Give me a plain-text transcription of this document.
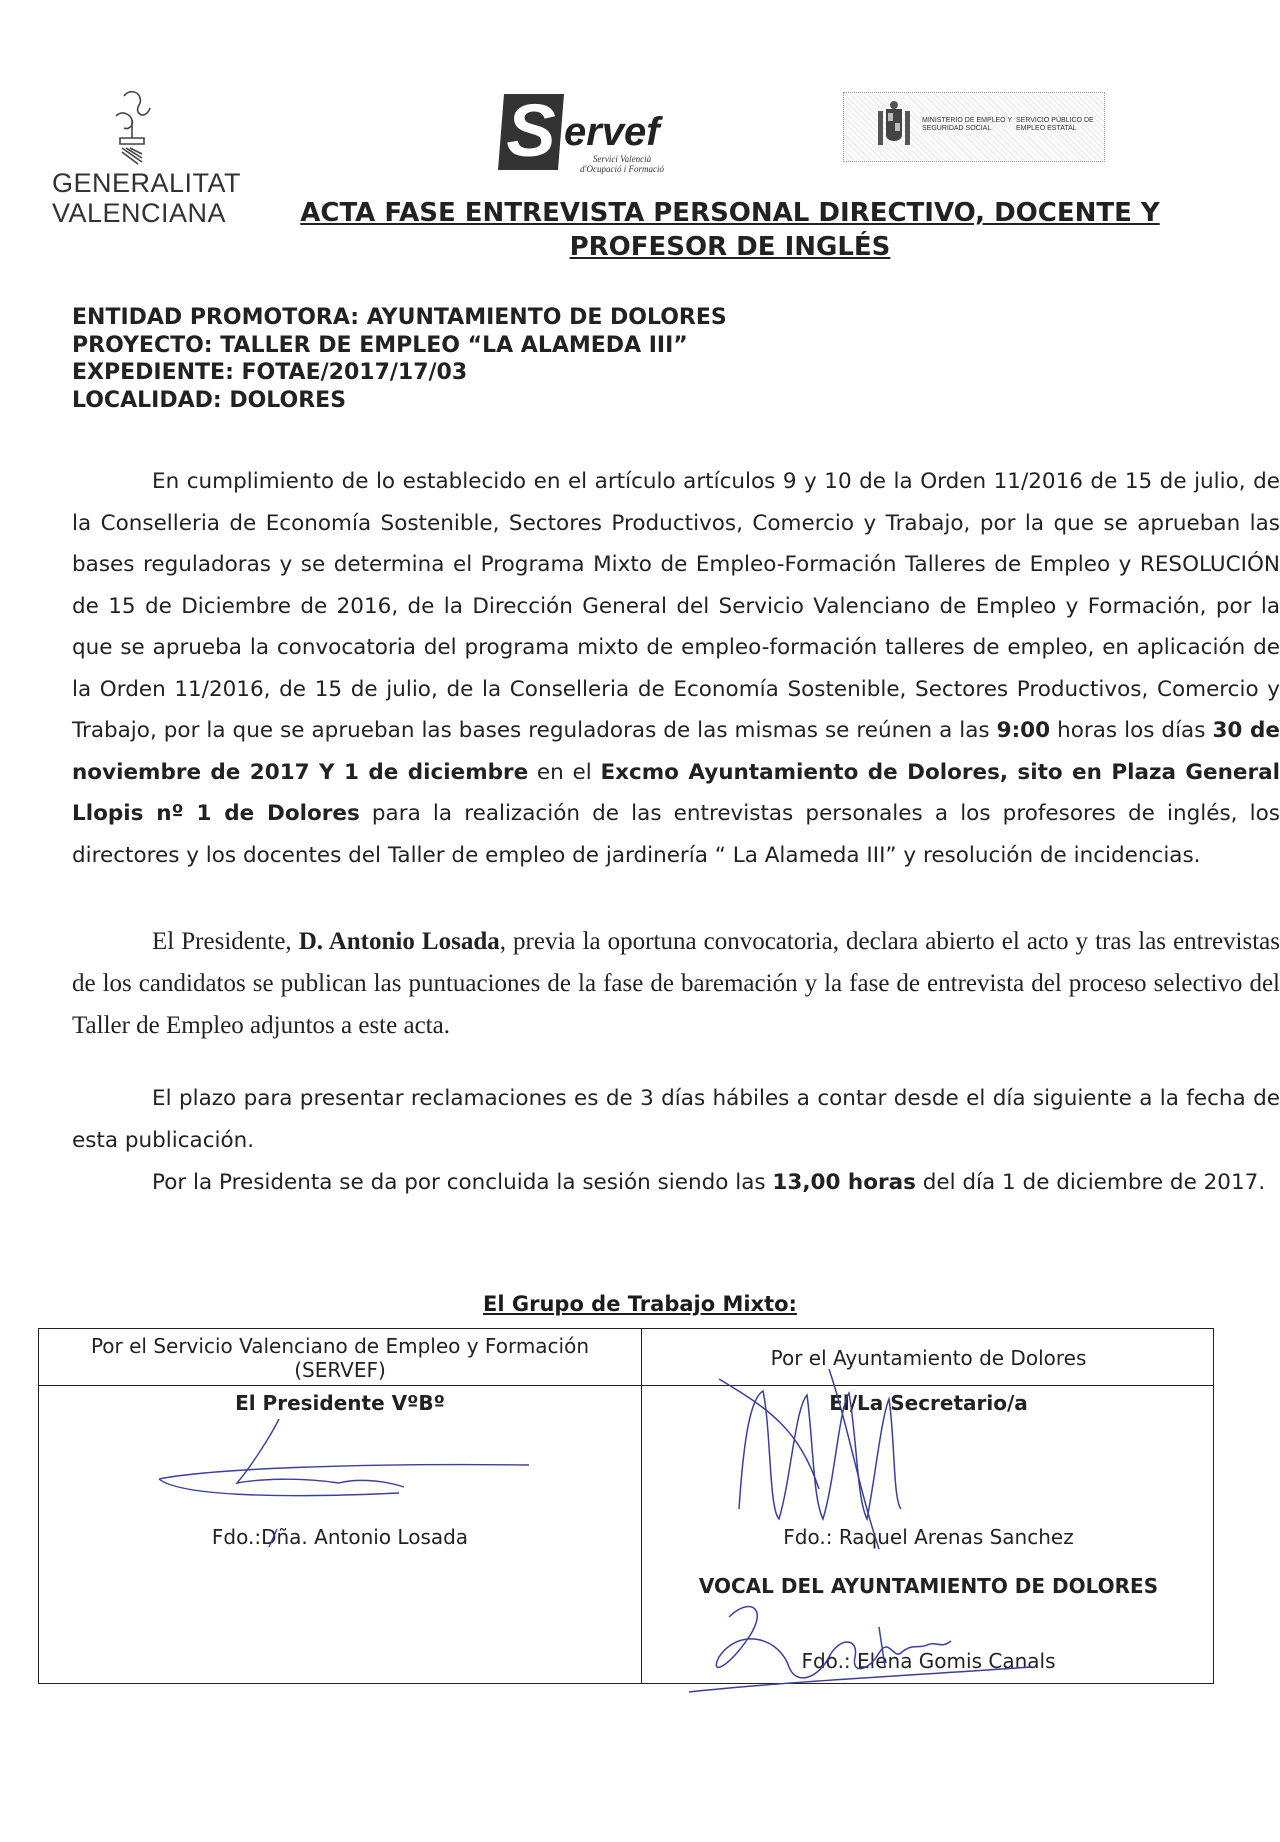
GENERALITAT
VALENCIANA
S ervef
Servici Valencià
d'Ocupació i Formació
MINISTERIO DE EMPLEO Y SEGURIDAD SOCIAL
SERVICIO PÚBLICO DE EMPLEO ESTATAL
ACTA FASE ENTREVISTA PERSONAL DIRECTIVO, DOCENTE Y
PROFESOR DE INGLÉS
ENTIDAD PROMOTORA: AYUNTAMIENTO DE DOLORES
PROYECTO: TALLER DE EMPLEO “LA ALAMEDA III”
EXPEDIENTE: FOTAE/2017/17/03
LOCALIDAD: DOLORES
En cumplimiento de lo establecido en el artículo artículos 9 y 10 de la Orden 11/2016 de 15 de julio, de la Conselleria de Economía Sostenible, Sectores Productivos, Comercio y Trabajo, por la que se aprueban las bases reguladoras y se determina el Programa Mixto de Empleo-Formación Talleres de Empleo y RESOLUCIÓN de 15 de Diciembre de 2016, de la Dirección General del Servicio Valenciano de Empleo y Formación, por la que se aprueba la convocatoria del programa mixto de empleo-formación talleres de empleo, en aplicación de la Orden 11/2016, de 15 de julio, de la Conselleria de Economía Sostenible, Sectores Productivos, Comercio y Trabajo, por la que se aprueban las bases reguladoras de las mismas se reúnen a las 9:00 horas los días 30 de noviembre de 2017 Y 1 de diciembre en el Excmo Ayuntamiento de Dolores, sito en Plaza General Llopis nº 1 de Dolores para la realización de las entrevistas personales a los profesores de inglés, los directores y los docentes del Taller de empleo de jardinería “ La Alameda III” y resolución de incidencias.
El Presidente, D. Antonio Losada, previa la oportuna convocatoria, declara abierto el acto y tras las entrevistas de los candidatos se publican las puntuaciones de la fase de baremación y la fase de entrevista del proceso selectivo del Taller de Empleo adjuntos a este acta.
El plazo para presentar reclamaciones es de 3 días hábiles a contar desde el día siguiente a la fecha de esta publicación.
Por la Presidenta se da por concluida la sesión siendo las 13,00 horas del día 1 de diciembre de 2017.
El Grupo de Trabajo Mixto:
Por el Servicio Valenciano de Empleo y Formación
(SERVEF)	Por el Ayuntamiento de Dolores
El Presidente VºBº	El/La Secretario/a
Fdo.:Dña. Antonio Losada	Fdo.: Raquel Arenas Sanchez
VOCAL DEL AYUNTAMIENTO DE DOLORES
Fdo.: Elena Gomis Canals
